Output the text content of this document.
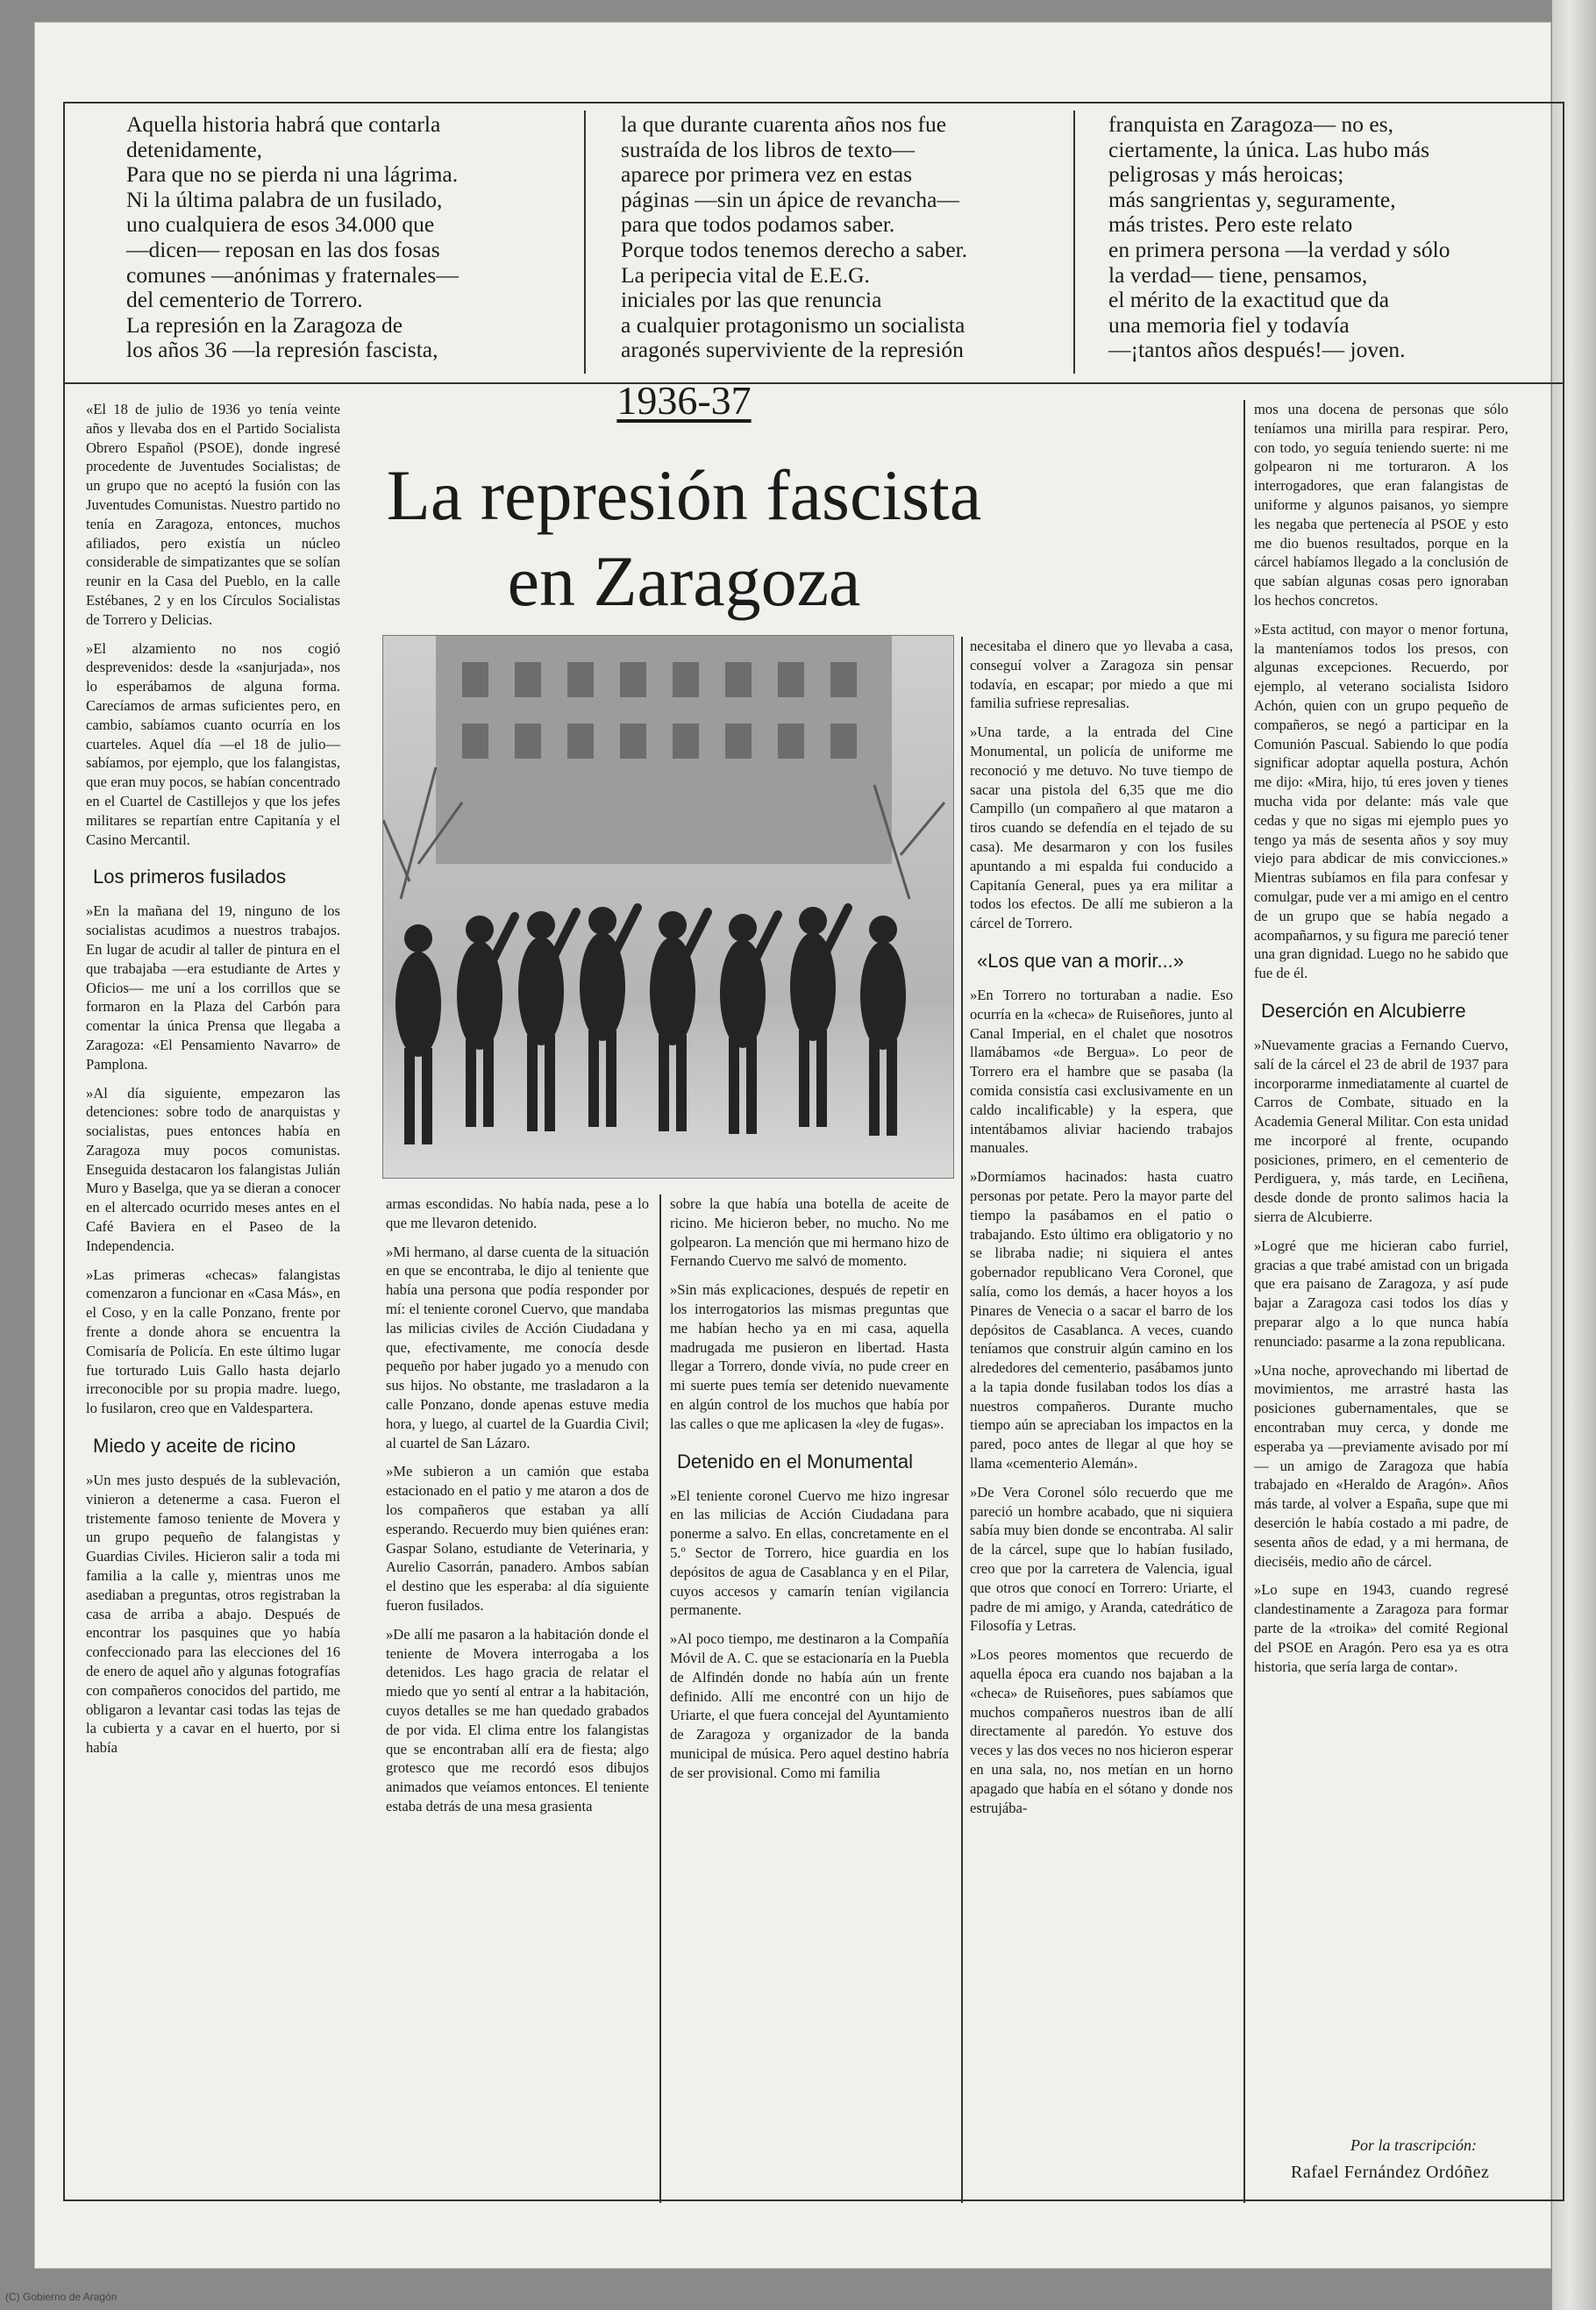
Aquella historia habrá que contarla

detenidamente,

Para que no se pierda ni una lágrima.

Ni la última palabra de un fusilado,

uno cualquiera de esos 34.000 que

—dicen— reposan en las dos fosas

comunes —anónimas y fraternales—

del cementerio de Torrero.

La represión en la Zaragoza de

los años 36 —la represión fascista,

la que durante cuarenta años nos fue

sustraída de los libros de texto—

aparece por primera vez en estas

páginas —sin un ápice de revancha—

para que todos podamos saber.

Porque todos tenemos derecho a saber.

La peripecia vital de E.E.G.

iniciales por las que renuncia

a cualquier protagonismo un socialista

aragonés superviviente de la represión

franquista en Zaragoza— no es,

ciertamente, la única. Las hubo más

peligrosas y más heroicas;

más sangrientas y, seguramente,

más tristes. Pero este relato

en primera persona —la verdad y sólo

la verdad— tiene, pensamos,

el mérito de la exactitud que da

una memoria fiel y todavía

—¡tantos años después!— joven.

«El 18 de julio de 1936 yo tenía veinte años y llevaba dos en el Partido Socialista Obrero Español (PSOE), donde ingresé procedente de Juventudes Socialistas; de un grupo que no aceptó la fusión con las Juventudes Comunistas. Nuestro partido no tenía en Zaragoza, entonces, muchos afiliados, pero existía un núcleo considerable de simpatizantes que se solían reunir en la Casa del Pueblo, en la calle Estébanes, 2 y en los Círculos Socialistas de Torrero y Delicias.

»El alzamiento no nos cogió desprevenidos: desde la «sanjurjada», nos lo esperábamos de alguna forma. Carecíamos de armas suficientes pero, en cambio, sabíamos cuanto ocurría en los cuarteles. Aquel día —el 18 de julio— sabíamos, por ejemplo, que los falangistas, que eran muy pocos, se habían concentrado en el Cuartel de Castillejos y que los jefes militares se repartían entre Capitanía y el Casino Mercantil.

Los primeros fusilados

»En la mañana del 19, ninguno de los socialistas acudimos a nuestros trabajos. En lugar de acudir al taller de pintura en el que trabajaba —era estudiante de Artes y Oficios— me uní a los corrillos que se formaron en la Plaza del Carbón para comentar la única Prensa que llegaba a Zaragoza: «El Pensamiento Navarro» de Pamplona.

»Al día siguiente, empezaron las detenciones: sobre todo de anarquistas y socialistas, pues entonces había en Zaragoza muy pocos comunistas. Enseguida destacaron los falangistas Julián Muro y Baselga, que ya se dieran a conocer en el altercado ocurrido meses antes en el Café Baviera en el Paseo de la Independencia.

»Las primeras «checas» falangistas comenzaron a funcionar en «Casa Más», en el Coso, y en la calle Ponzano, frente por frente a donde ahora se encuentra la Comisaría de Policía. En este último lugar fue torturado Luis Gallo hasta dejarlo irreconocible por su propia madre. luego, lo fusilaron, creo que en Valdespartera.

Miedo y aceite de ricino

»Un mes justo después de la sublevación, vinieron a detenerme a casa. Fueron el tristemente famoso teniente de Movera y un grupo pequeño de falangistas y Guardias Civiles. Hicieron salir a toda mi familia a la calle y, mientras unos me asediaban a preguntas, otros registraban la casa de arriba a abajo. Después de encontrar los pasquines que yo había confeccionado para las elecciones del 16 de enero de aquel año y algunas fotografías con compañeros conocidos del partido, me obligaron a levantar casi todas las tejas de la cubierta y a cavar en el huerto, por si había

1936-37
La represión fascista
en Zaragoza

armas escondidas. No había nada, pese a lo que me llevaron detenido.

»Mi hermano, al darse cuenta de la situación en que se encontraba, le dijo al teniente que había una persona que podía responder por mí: el teniente coronel Cuervo, que mandaba las milicias civiles de Acción Ciudadana y que, efectivamente, me conocía desde pequeño por haber jugado yo a menudo con sus hijos. No obstante, me trasladaron a la calle Ponzano, donde apenas estuve media hora, y luego, al cuartel de la Guardia Civil; al cuartel de San Lázaro.

»Me subieron a un camión que estaba estacionado en el patio y me ataron a dos de los compañeros que estaban ya allí esperando. Recuerdo muy bien quiénes eran: Gaspar Solano, estudiante de Veterinaria, y Aurelio Casorrán, panadero. Ambos sabían el destino que les esperaba: al día siguiente fueron fusilados.

»De allí me pasaron a la habitación donde el teniente de Movera interrogaba a los detenidos. Les hago gracia de relatar el miedo que yo sentí al entrar a la habitación, cuyos detalles se me han quedado grabados de por vida. El clima entre los falangistas que se encontraban allí era de fiesta; algo grotesco que me recordó esos dibujos animados que veíamos entonces. El teniente estaba detrás de una mesa grasienta

sobre la que había una botella de aceite de ricino. Me hicieron beber, no mucho. No me golpearon. La mención que mi hermano hizo de Fernando Cuervo me salvó de momento.

»Sin más explicaciones, después de repetir en los interrogatorios las mismas preguntas que me habían hecho ya en mi casa, aquella madrugada me pusieron en libertad. Hasta llegar a Torrero, donde vivía, no pude creer en mi suerte pues temía ser detenido nuevamente en algún control de los muchos que había por las calles o que me aplicasen la «ley de fugas».

Detenido en el Monumental

»El teniente coronel Cuervo me hizo ingresar en las milicias de Acción Ciudadana para ponerme a salvo. En ellas, concretamente en el 5.º Sector de Torrero, hice guardia en los depósitos de agua de Casablanca y en el Pilar, cuyos accesos y camarín tenían vigilancia permanente.

»Al poco tiempo, me destinaron a la Compañía Móvil de A. C. que se estacionaría en la Puebla de Alfindén donde no había aún un frente definido. Allí me encontré con un hijo de Uriarte, el que fuera concejal del Ayuntamiento de Zaragoza y organizador de la banda municipal de música. Pero aquel destino habría de ser provisional. Como mi familia

necesitaba el dinero que yo llevaba a casa, conseguí volver a Zaragoza sin pensar todavía, en escapar; por miedo a que mi familia sufriese represalias.

»Una tarde, a la entrada del Cine Monumental, un policía de uniforme me reconoció y me detuvo. No tuve tiempo de sacar una pistola del 6,35 que me dio Campillo (un compañero al que mataron a tiros cuando se defendía en el tejado de su casa). Me desarmaron y con los fusiles apuntando a mi espalda fui conducido a Capitanía General, pues ya era militar a todos los efectos. De allí me subieron a la cárcel de Torrero.

«Los que van a morir...»

»En Torrero no torturaban a nadie. Eso ocurría en la «checa» de Ruiseñores, junto al Canal Imperial, en el chalet que nosotros llamábamos «de Bergua». Lo peor de Torrero era el hambre que se pasaba (la comida consistía casi exclusivamente en un caldo incalificable) y la espera, que intentábamos aliviar haciendo trabajos manuales.

»Dormíamos hacinados: hasta cuatro personas por petate. Pero la mayor parte del tiempo la pasábamos en el patio o trabajando. Esto último era obligatorio y no se libraba nadie; ni siquiera el antes gobernador republicano Vera Coronel, que salía, como los demás, a hacer hoyos a los Pinares de Venecia o a sacar el barro de los depósitos de Casablanca. A veces, cuando teníamos que construir algún camino en los alrededores del cementerio, pasábamos junto a la tapia donde fusilaban todos los días a nuestros compañeros. Durante mucho tiempo aún se apreciaban los impactos en la pared, poco antes de llegar al que hoy se llama «cementerio Alemán».

»De Vera Coronel sólo recuerdo que me pareció un hombre acabado, que ni siquiera sabía muy bien donde se encontraba. Al salir de la cárcel, supe que lo habían fusilado, creo que por la carretera de Valencia, igual que otros que conocí en Torrero: Uriarte, el padre de mi amigo, y Aranda, catedrático de Filosofía y Letras.

»Los peores momentos que recuerdo de aquella época era cuando nos bajaban a la «checa» de Ruiseñores, pues sabíamos que muchos compañeros nuestros iban de allí directamente al paredón. Yo estuve dos veces y las dos veces no nos hicieron esperar en una sala, no, nos metían en un horno apagado que había en el sótano y donde nos estrujába-

mos una docena de personas que sólo teníamos una mirilla para respirar. Pero, con todo, yo seguía teniendo suerte: ni me golpearon ni me torturaron. A los interrogadores, que eran falangistas de uniforme y algunos paisanos, yo siempre les negaba que pertenecía al PSOE y esto me dio buenos resultados, porque en la cárcel habíamos llegado a la conclusión de que sabían algunas cosas pero ignoraban los hechos concretos.

»Esta actitud, con mayor o menor fortuna, la manteníamos todos los presos, con algunas excepciones. Recuerdo, por ejemplo, al veterano socialista Isidoro Achón, quien con un grupo pequeño de compañeros, se negó a participar en la Comunión Pascual. Sabiendo lo que podía significar adoptar aquella postura, Achón me dijo: «Mira, hijo, tú eres joven y tienes mucha vida por delante: más vale que cedas y que no sigas mi ejemplo pues yo tengo ya más de sesenta años y soy muy viejo para abdicar de mis convicciones.» Mientras subíamos en fila para confesar y comulgar, pude ver a mi amigo en el centro de un grupo que se había negado a acompañarnos, y su figura me pareció tener una gran dignidad. Luego no he sabido que fue de él.

Deserción en Alcubierre

»Nuevamente gracias a Fernando Cuervo, salí de la cárcel el 23 de abril de 1937 para incorporarme inmediatamente al cuartel de Carros de Combate, situado en la Academia General Militar. Con esta unidad me incorporé al frente, ocupando posiciones, primero, en el cementerio de Perdiguera, y, más tarde, en Leciñena, desde donde de pronto salimos hacia la sierra de Alcubierre.

»Logré que me hicieran cabo furriel, gracias a que trabé amistad con un brigada que era paisano de Zaragoza, y así pude bajar a Zaragoza casi todos los días y preparar algo a lo que nunca había renunciado: pasarme a la zona republicana.

»Una noche, aprovechando mi libertad de movimientos, me arrastré hasta las posiciones gubernamentales, que se encontraban muy cerca, y donde me esperaba ya —previamente avisado por mí— un amigo de Zaragoza que había trabajado en «Heraldo de Aragón». Años más tarde, al volver a España, supe que mi deserción le había costado a mi padre, de sesenta años de edad, y a mi hermana, de dieciséis, medio año de cárcel.

»Lo supe en 1943, cuando regresé clandestinamente a Zaragoza para formar parte de la «troika» del comité Regional del PSOE en Aragón. Pero esa ya es otra historia, que sería larga de contar».

Por la trascripción:
Rafael Fernández Ordóñez
(C) Gobierno de Aragón
